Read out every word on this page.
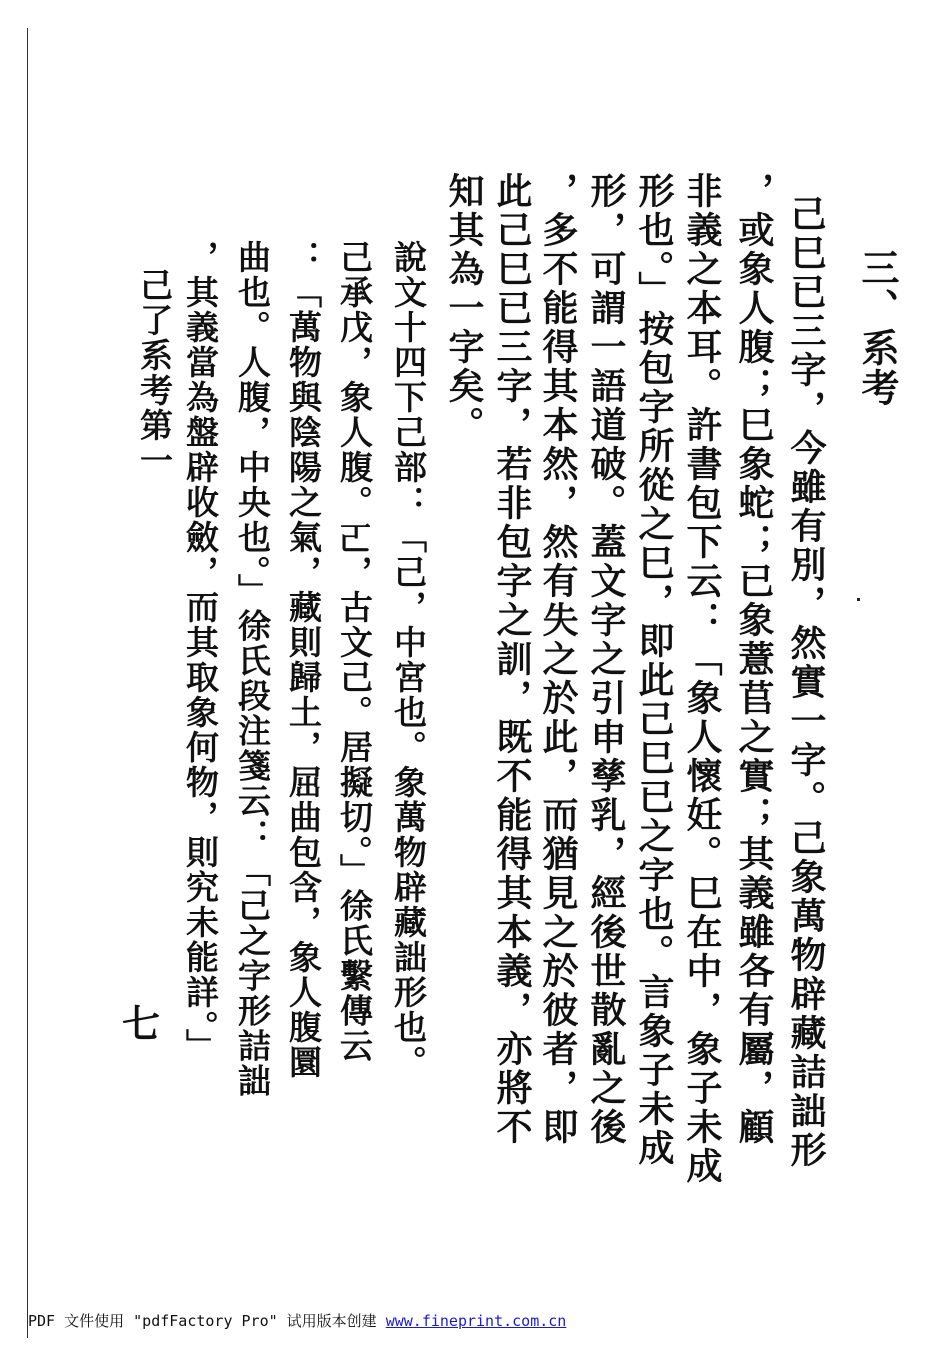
三、系考
己巳已三字，今雖有別，然實一字。己象萬物辟藏詰詘形
，或象人腹；巳象蛇；已象薏苢之實；其義雖各有屬，顧
非義之本耳。許書包下云：「象人懷妊。巳在中，象子未成
形也。」按包字所從之巳，即此己巳已之字也。言象子未成
形，可謂一語道破。蓋文字之引申孳乳，經後世散亂之後
，多不能得其本然，然有失之於此，而猶見之於彼者，即
此己巳已三字，若非包字之訓，既不能得其本義，亦將不
知其為一字矣。
說文十四下己部：「己，中宮也。象萬物辟藏詘形也。
己承戊，象人腹。𠀀，古文己。居擬切。」徐氏繫傳云
：「萬物與陰陽之氣，藏則歸土，屈曲包含，象人腹圜
曲也。人腹，中央也。」徐氏段注箋云：「己之字形詰詘
，其義當為盤辟收斂，而其取象何物，則究未能詳。」
己了系考第一
七
PDF 文件使用 "pdfFactory Pro" 试用版本创建 www.fineprint.com.cn
